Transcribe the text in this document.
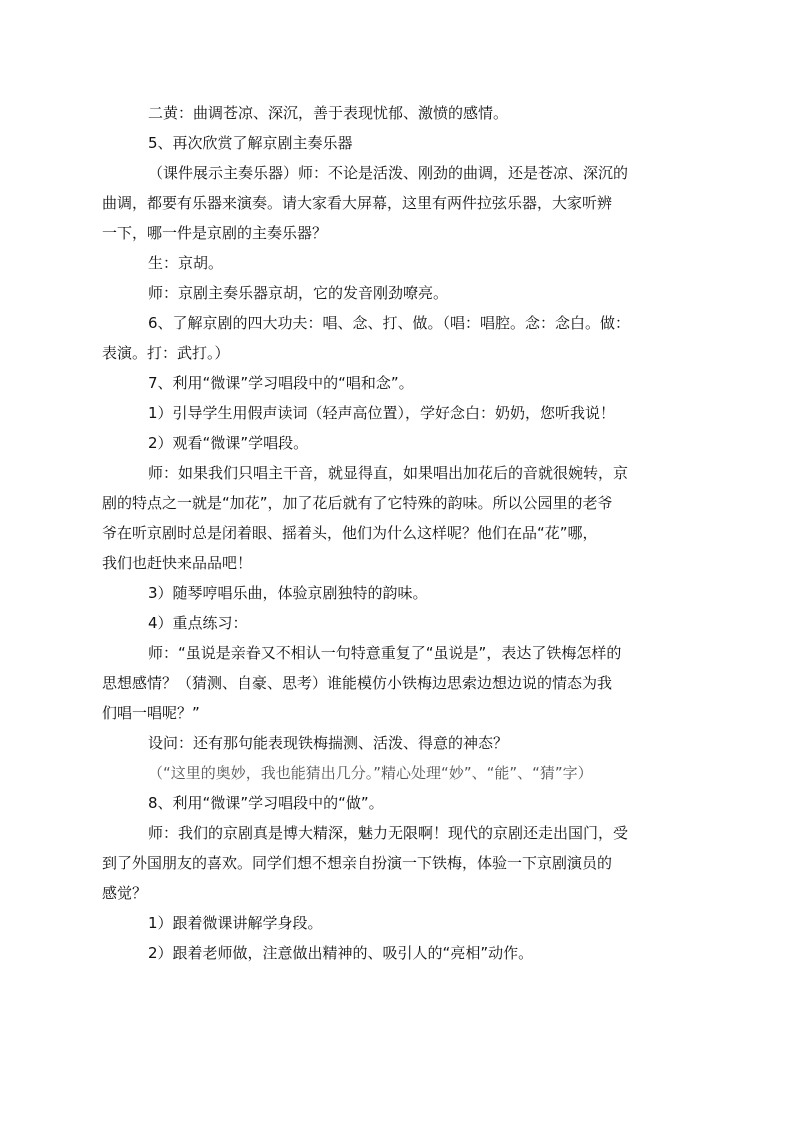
二黄：曲调苍凉、深沉，善于表现忧郁、激愤的感情。

5、再次欣赏了解京剧主奏乐器

（课件展示主奏乐器）师：不论是活泼、刚劲的曲调，还是苍凉、深沉的

曲调，都要有乐器来演奏。请大家看大屏幕，这里有两件拉弦乐器，大家听辨

一下，哪一件是京剧的主奏乐器？

生：京胡。

师：京剧主奏乐器京胡，它的发音刚劲嘹亮。

6、了解京剧的四大功夫：唱、念、打、做。（唱：唱腔。念：念白。做：

表演。打：武打。）

7、利用“微课”学习唱段中的“唱和念”。

1）引导学生用假声读词（轻声高位置），学好念白：奶奶，您听我说！

2）观看“微课”学唱段。

师：如果我们只唱主干音，就显得直，如果唱出加花后的音就很婉转，京

剧的特点之一就是“加花”，加了花后就有了它特殊的韵味。所以公园里的老爷

爷在听京剧时总是闭着眼、摇着头，他们为什么这样呢？他们在品“花”哪，

我们也赶快来品品吧！

3）随琴哼唱乐曲，体验京剧独特的韵味。

4）重点练习：

师：“虽说是亲眷又不相认一句特意重复了“虽说是”，表达了铁梅怎样的

思想感情？（猜测、自豪、思考）谁能模仿小铁梅边思索边想边说的情态为我

们唱一唱呢？”

设问：还有那句能表现铁梅揣测、活泼、得意的神态？

（“这里的奥妙，我也能猜出几分。”精心处理“妙”、“能”、“猜”字）

8、利用“微课”学习唱段中的“做”。

师：我们的京剧真是博大精深，魅力无限啊！现代的京剧还走出国门，受

到了外国朋友的喜欢。同学们想不想亲自扮演一下铁梅，体验一下京剧演员的

感觉？

1）跟着微课讲解学身段。

2）跟着老师做，注意做出精神的、吸引人的“亮相”动作。
